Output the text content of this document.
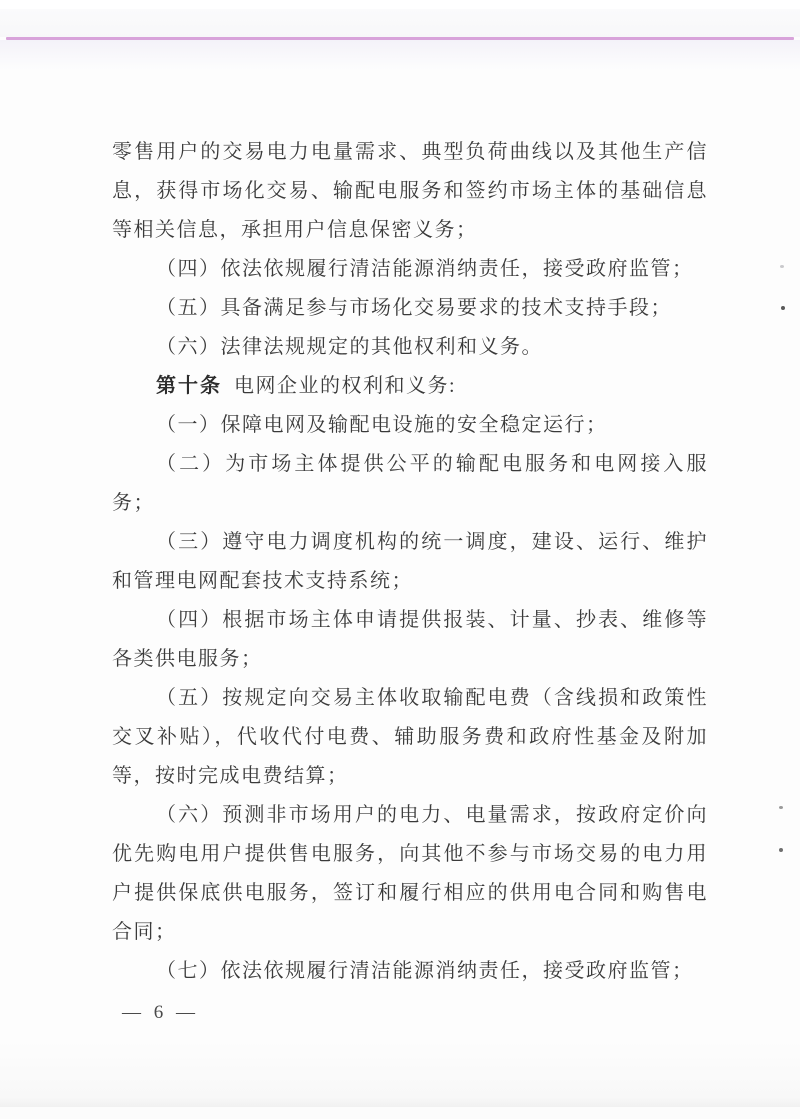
零售用户的交易电力电量需求、典型负荷曲线以及其他生产信
息，获得市场化交易、输配电服务和签约市场主体的基础信息
等相关信息，承担用户信息保密义务；
（四）依法依规履行清洁能源消纳责任，接受政府监管；
（五）具备满足参与市场化交易要求的技术支持手段；
（六）法律法规规定的其他权利和义务。
第十条 电网企业的权利和义务:
（一）保障电网及输配电设施的安全稳定运行；
（二）为市场主体提供公平的输配电服务和电网接入服
务；
（三）遵守电力调度机构的统一调度，建设、运行、维护
和管理电网配套技术支持系统；
（四）根据市场主体申请提供报装、计量、抄表、维修等
各类供电服务；
（五）按规定向交易主体收取输配电费（含线损和政策性
交叉补贴），代收代付电费、辅助服务费和政府性基金及附加
等，按时完成电费结算；
（六）预测非市场用户的电力、电量需求，按政府定价向
优先购电用户提供售电服务，向其他不参与市场交易的电力用
户提供保底供电服务，签订和履行相应的供用电合同和购售电
合同；
（七）依法依规履行清洁能源消纳责任，接受政府监管；
— 6 —
